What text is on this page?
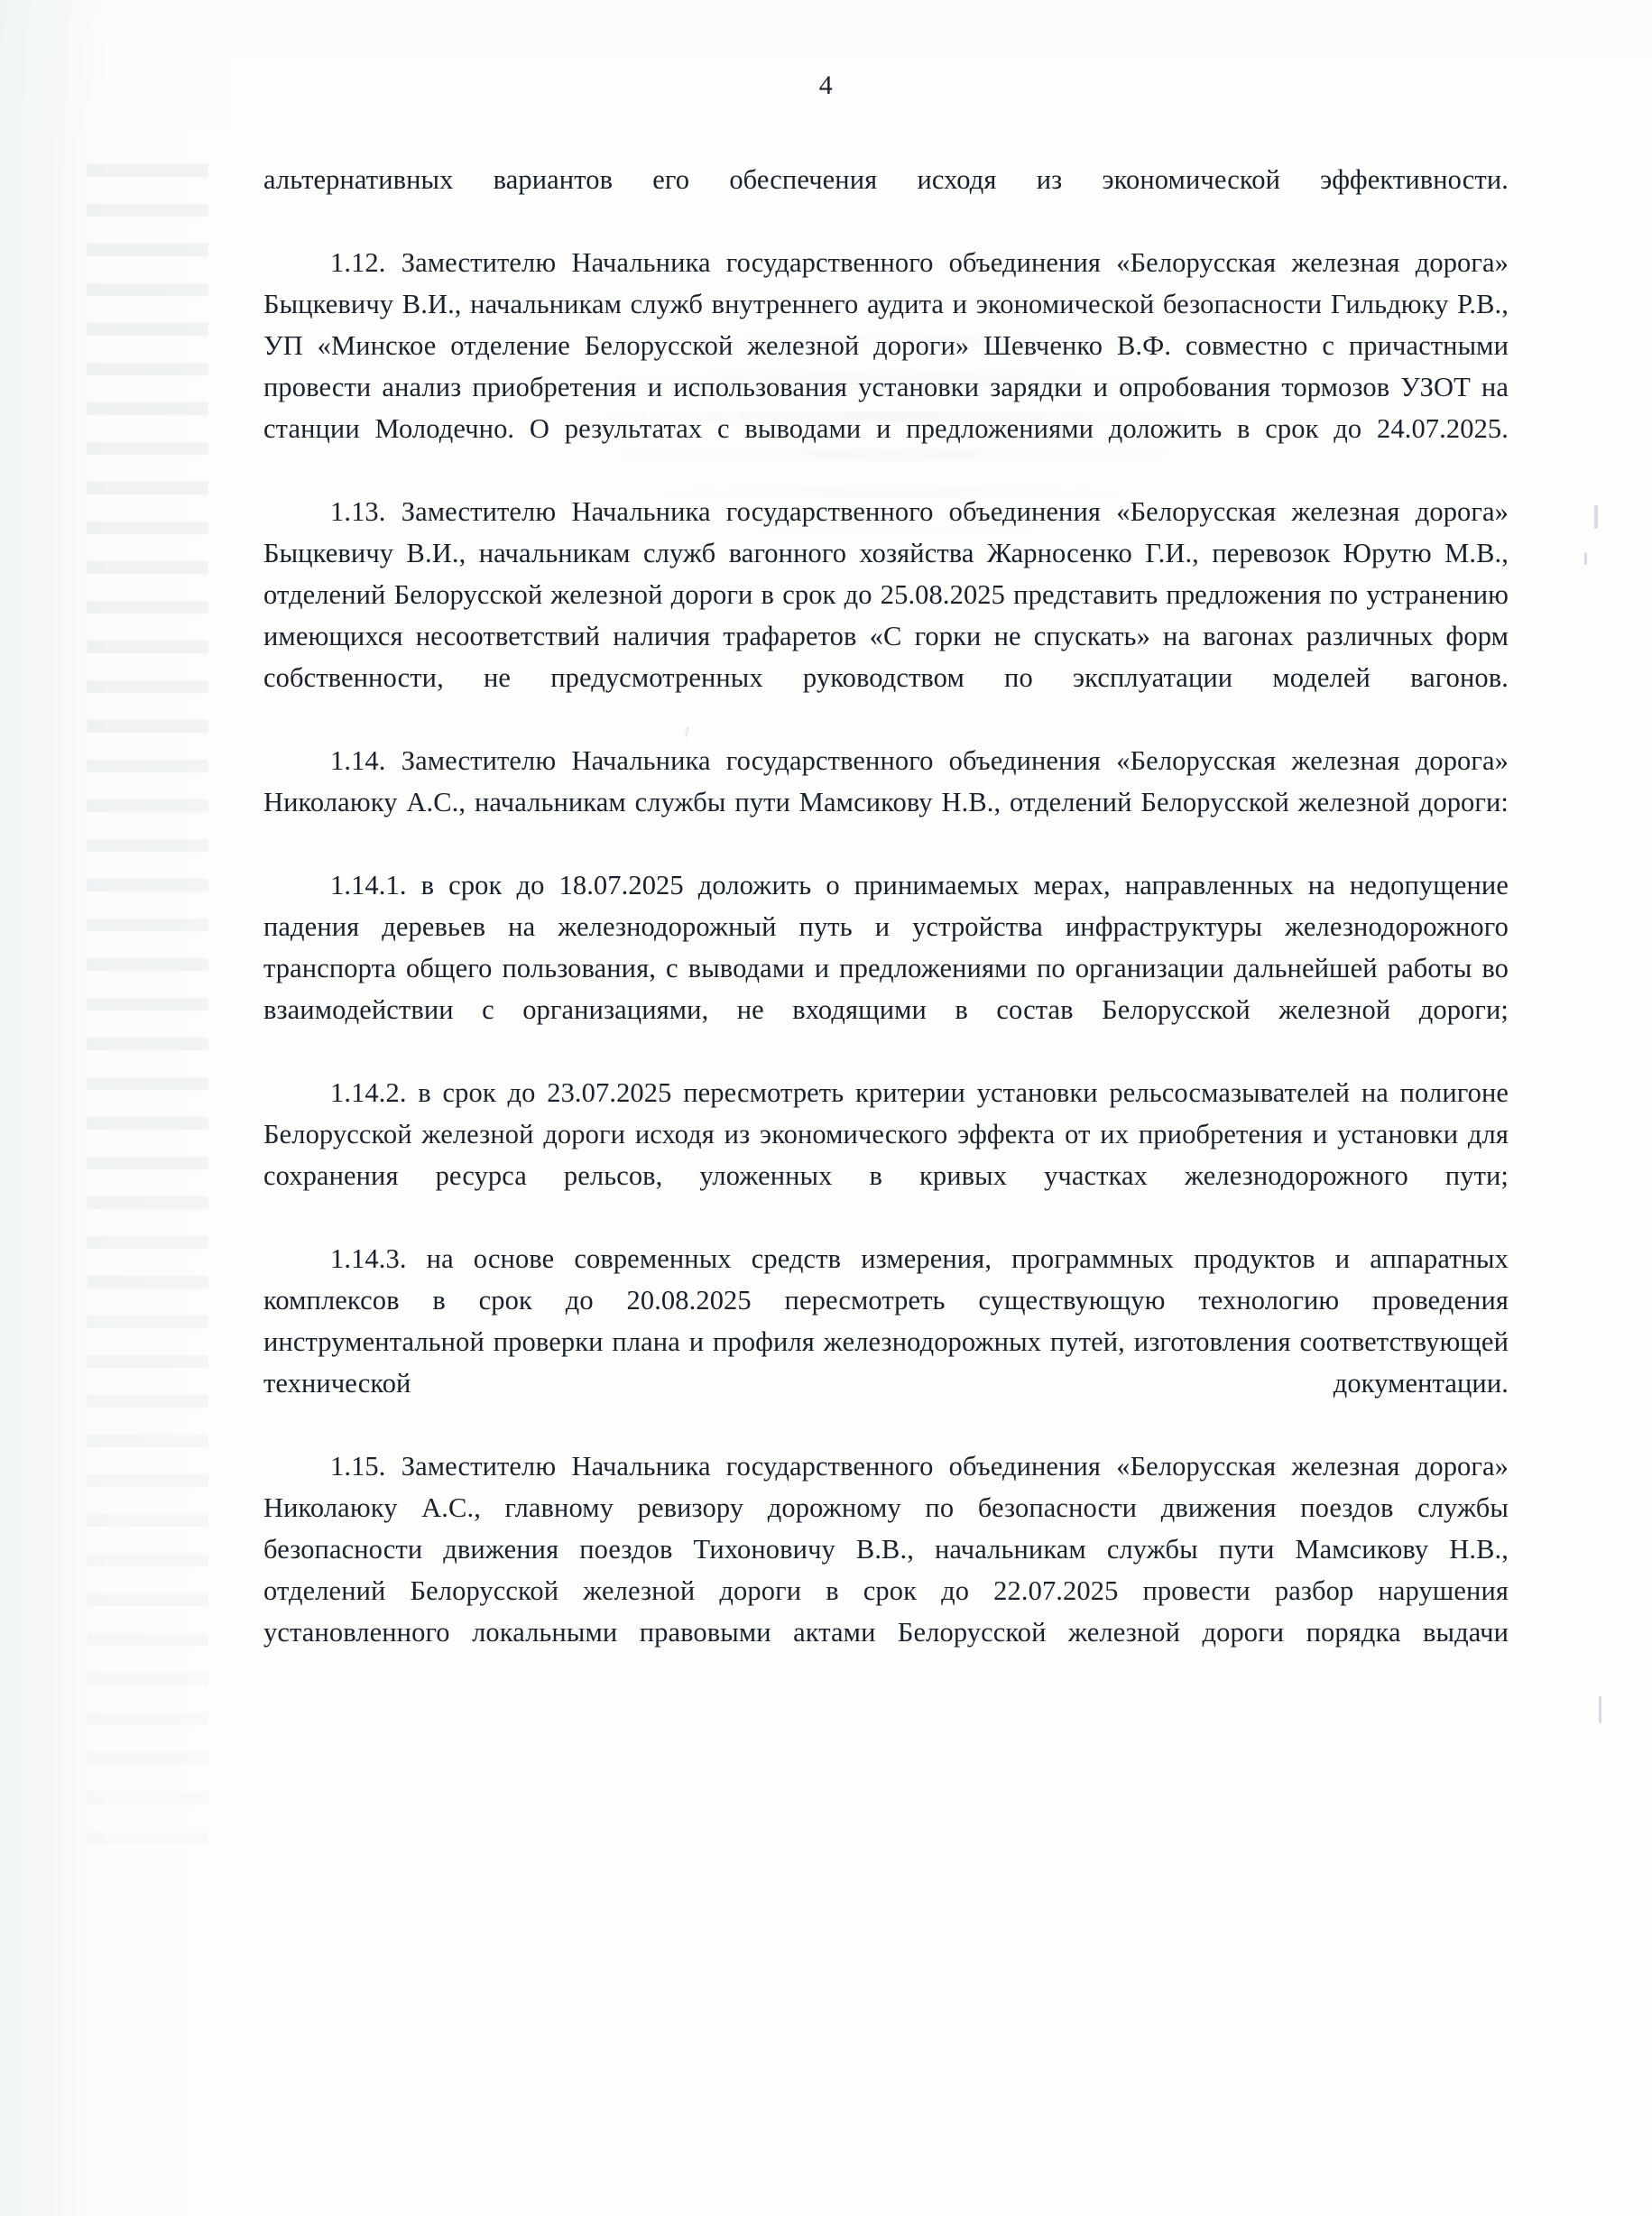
4

альтернативных вариантов его обеспечения исходя из экономической эффективности.

1.12. Заместителю Начальника государственного объединения «Белорусская железная дорога» Быцкевичу В.И., начальникам служб внутреннего аудита и экономической безопасности Гильдюку Р.В., УП «Минское отделение Белорусской железной дороги» Шевченко В.Ф. совместно с причастными провести анализ приобретения и использования установки зарядки и опробования тормозов УЗОТ на станции Молодечно. О результатах с выводами и предложениями доложить в срок до 24.07.2025.

1.13. Заместителю Начальника государственного объединения «Белорусская железная дорога» Быцкевичу В.И., начальникам служб вагонного хозяйства Жарносенко Г.И., перевозок Юрутю М.В., отделений Белорусской железной дороги в срок до 25.08.2025 представить предложения по устранению имеющихся несоответствий наличия трафаретов «С горки не спускать» на вагонах различных форм собственности, не предусмотренных руководством по эксплуатации моделей вагонов.

1.14. Заместителю Начальника государственного объединения «Белорусская железная дорога» Николаюку А.С., начальникам службы пути Мамсикову Н.В., отделений Белорусской железной дороги:

1.14.1. в срок до 18.07.2025 доложить о принимаемых мерах, направленных на недопущение падения деревьев на железнодорожный путь и устройства инфраструктуры железнодорожного транспорта общего пользования, с выводами и предложениями по организации дальнейшей работы во взаимодействии с организациями, не входящими в состав Белорусской железной дороги;

1.14.2. в срок до 23.07.2025 пересмотреть критерии установки рельсосмазывателей на полигоне Белорусской железной дороги исходя из экономического эффекта от их приобретения и установки для сохранения ресурса рельсов, уложенных в кривых участках железнодорожного пути;

1.14.3. на основе современных средств измерения, программных продуктов и аппаратных комплексов в срок до 20.08.2025 пересмотреть существующую технологию проведения инструментальной проверки плана и профиля железнодорожных путей, изготовления соответствующей технической документации.

1.15. Заместителю Начальника государственного объединения «Белорусская железная дорога» Николаюку А.С., главному ревизору дорожному по безопасности движения поездов службы безопасности движения поездов Тихоновичу В.В., начальникам службы пути Мамсикову Н.В., отделений Белорусской железной дороги в срок до 22.07.2025 провести разбор нарушения установленного локальными правовыми актами Белорусской железной дороги порядка выдачи
